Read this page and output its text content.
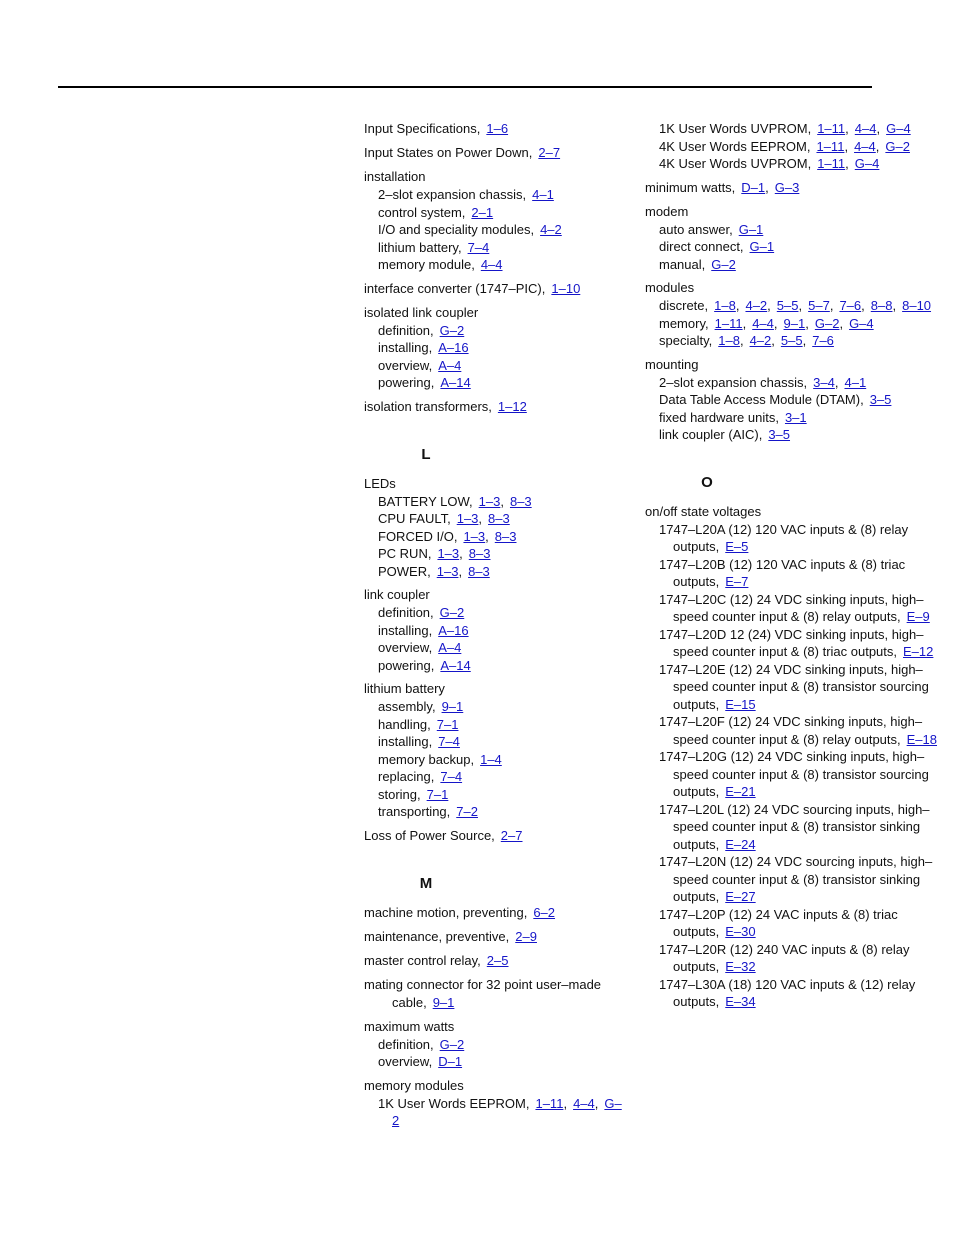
Input Specifications, 1–6
Input States on Power Down, 2–7
installation
2–slot expansion chassis, 4–1
control system, 2–1
I/O and speciality modules, 4–2
lithium battery, 7–4
memory module, 4–4
interface converter (1747–PIC), 1–10
isolated link coupler
definition, G–2
installing, A–16
overview, A–4
powering, A–14
isolation transformers, 1–12
L
LEDs
BATTERY LOW, 1–3, 8–3
CPU FAULT, 1–3, 8–3
FORCED I/O, 1–3, 8–3
PC RUN, 1–3, 8–3
POWER, 1–3, 8–3
link coupler
definition, G–2
installing, A–16
overview, A–4
powering, A–14
lithium battery
assembly, 9–1
handling, 7–1
installing, 7–4
memory backup, 1–4
replacing, 7–4
storing, 7–1
transporting, 7–2
Loss of Power Source, 2–7
M
machine motion, preventing, 6–2
maintenance, preventive, 2–9
master control relay, 2–5
mating connector for 32 point user–made cable, 9–1
maximum watts
definition, G–2
overview, D–1
memory modules
1K User Words EEPROM, 1–11, 4–4, G–2
1K User Words UVPROM, 1–11, 4–4, G–4
4K User Words EEPROM, 1–11, 4–4, G–2
4K User Words UVPROM, 1–11, G–4
minimum watts, D–1, G–3
modem
auto answer, G–1
direct connect, G–1
manual, G–2
modules
discrete, 1–8, 4–2, 5–5, 5–7, 7–6, 8–8, 8–10
memory, 1–11, 4–4, 9–1, G–2, G–4
specialty, 1–8, 4–2, 5–5, 7–6
mounting
2–slot expansion chassis, 3–4, 4–1
Data Table Access Module (DTAM), 3–5
fixed hardware units, 3–1
link coupler (AIC), 3–5
O
on/off state voltages
1747–L20A (12) 120 VAC inputs & (8) relay outputs, E–5
1747–L20B (12) 120 VAC inputs & (8) triac outputs, E–7
1747–L20C (12) 24 VDC sinking inputs, high–speed counter input & (8) relay outputs, E–9
1747–L20D 12 (24) VDC sinking inputs, high–speed counter input & (8) triac outputs, E–12
1747–L20E (12) 24 VDC sinking inputs, high–speed counter input & (8) transistor sourcing outputs, E–15
1747–L20F (12) 24 VDC sinking inputs, high–speed counter input & (8) relay outputs, E–18
1747–L20G (12) 24 VDC sinking inputs, high–speed counter input & (8) transistor sourcing outputs, E–21
1747–L20L (12) 24 VDC sourcing inputs, high–speed counter input & (8) transistor sinking outputs, E–24
1747–L20N (12) 24 VDC sourcing inputs, high–speed counter input & (8) transistor sinking outputs, E–27
1747–L20P (12) 24 VAC inputs & (8) triac outputs, E–30
1747–L20R (12) 240 VAC inputs & (8) relay outputs, E–32
1747–L30A (18) 120 VAC inputs & (12) relay outputs, E–34
